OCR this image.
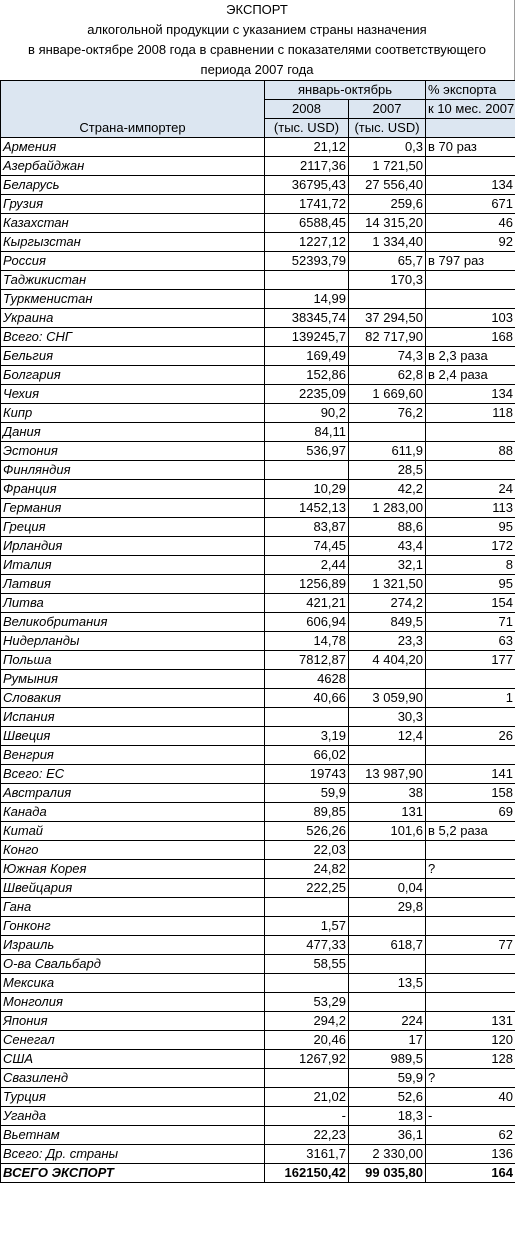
ЭКСПОРТ
алкогольной продукции с указанием страны назначения
в январе-октябре 2008 года в сравнении с показателями соответствующего
периода 2007 года
Страна-импортер	январь-октябрь		% экспорта
	2008	2007	к 10 мес. 2007
	(тыс. USD)	(тыс. USD)	
Армения	21,12	0,3	в 70 раз
Азербайджан	2117,36	1 721,50	
Беларусь	36795,43	27 556,40	134
Грузия	1741,72	259,6	671
Казахстан	6588,45	14 315,20	46
Кыргызстан	1227,12	1 334,40	92
Россия	52393,79	65,7	в 797 раз
Таджикистан		170,3	
Туркменистан	14,99		
Украина	38345,74	37 294,50	103
Всего: СНГ	139245,7	82 717,90	168
Бельгия	169,49	74,3	в 2,3 раза
Болгария	152,86	62,8	в 2,4 раза
Чехия	2235,09	1 669,60	134
Кипр	90,2	76,2	118
Дания	84,11		
Эстония	536,97	611,9	88
Финляндия		28,5	
Франция	10,29	42,2	24
Германия	1452,13	1 283,00	113
Греция	83,87	88,6	95
Ирландия	74,45	43,4	172
Италия	2,44	32,1	8
Латвия	1256,89	1 321,50	95
Литва	421,21	274,2	154
Великобритания	606,94	849,5	71
Нидерланды	14,78	23,3	63
Польша	7812,87	4 404,20	177
Румыния	4628		
Словакия	40,66	3 059,90	1
Испания		30,3	
Швеция	3,19	12,4	26
Венгрия	66,02		
Всего: ЕС	19743	13 987,90	141
Австралия	59,9	38	158
Канада	89,85	131	69
Китай	526,26	101,6	в 5,2 раза
Конго	22,03		
Южная Корея	24,82		?
Швейцария	222,25	0,04	
Гана		29,8	
Гонконг	1,57		
Израиль	477,33	618,7	77
О-ва Свальбард	58,55		
Мексика		13,5	
Монголия	53,29		
Япония	294,2	224	131
Сенегал	20,46	17	120
США	1267,92	989,5	128
Свазиленд		59,9	?
Турция	21,02	52,6	40
Уганда	-	18,3	-
Вьетнам	22,23	36,1	62
Всего: Др. страны	3161,7	2 330,00	136
ВСЕГО ЭКСПОРТ	162150,42	99 035,80	164
